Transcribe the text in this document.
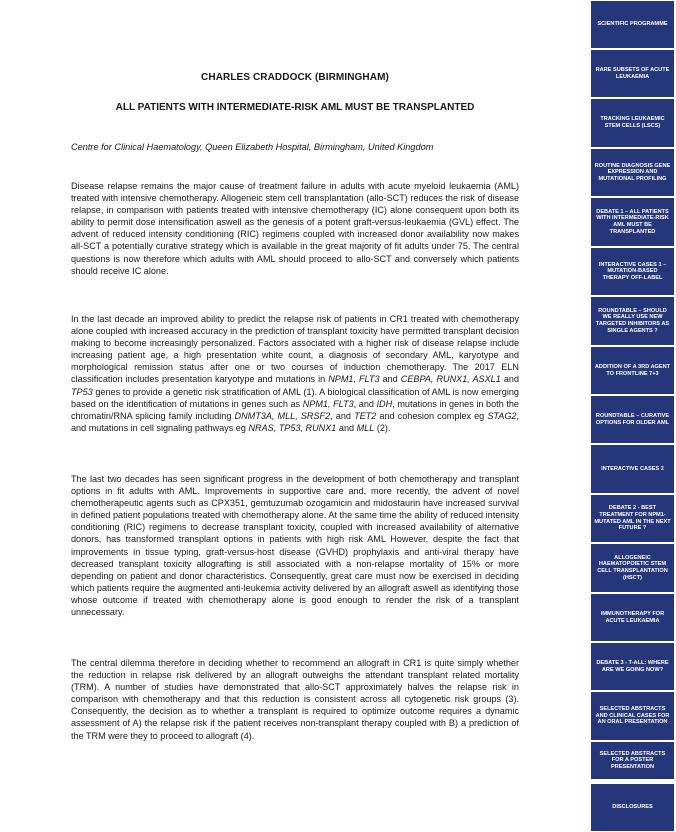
CHARLES CRADDOCK (BIRMINGHAM)
ALL PATIENTS WITH INTERMEDIATE-RISK AML MUST BE TRANSPLANTED
Centre for Clinical Haematology, Queen Elizabeth Hospital, Birmingham, United Kingdom

Disease relapse remains the major cause of treatment failure in adults with acute myeloid leukaemia (AML) treated with intensive chemotherapy. Allogeneic stem cell transplantation (allo-SCT) reduces the risk of disease relapse, in comparison with patients treated with intensive chemotherapy (IC) alone consequent upon both its ability to permit dose intensification aswell as the genesis of a potent graft-versus-leukaemia (GVL) effect. The advent of reduced intensity conditioning (RIC) regimens coupled with increased donor availability now makes all-SCT a potentially curative strategy which is available in the great majority of fit adults under 75. The central questions is now therefore which adults with AML should proceed to allo-SCT and conversely which patients should receive IC alone.

In the last decade an improved ability to predict the relapse risk of patients in CR1 treated with chemotherapy alone coupled with increased accuracy in the prediction of transplant toxicity have permitted transplant decision making to become increasingly personalized. Factors associated with a higher risk of disease relapse include increasing patient age, a high presentation white count, a diagnosis of secondary AML, karyotype and morphological remission status after one or two courses of induction chemotherapy. The 2017 ELN classification includes presentation karyotype and mutations in NPM1, FLT3 and CEBPA, RUNX1, ASXL1 and TP53 genes to provide a genetic risk stratification of AML (1). A biological classification of AML is now emerging based on the identification of mutations in genes such as NPM1, FLT3, and IDH, mutations in genes in both the chromatin/RNA splicing family including DNMT3A, MLL, SRSF2, and TET2 and cohesion complex eg STAG2, and mutations in cell signaling pathways eg NRAS, TP53, RUNX1 and MLL (2).

The last two decades has seen significant progress in the development of both chemotherapy and transplant options in fit adults with AML. Improvements in supportive care and, more recently, the advent of novel chemotherapeutic agents such as CPX351, gemtuzumab ozogamicin and midostaurin have increased survival in defined patient populations treated with chemotherapy alone. At the same time the ability of reduced intensity conditioning (RIC) regimens to decrease transplant toxicity, coupled with increased availability of alternative donors, has transformed transplant options in patients with high risk AML However, despite the fact that improvements in tissue typing, graft-versus-host disease (GVHD) prophylaxis and anti-viral therapy have decreased transplant toxicity allografting is still associated with a non-relapse mortality of 15% or more depending on patient and donor characteristics. Consequently, great care must now be exercised in deciding which patients require the augmented anti-leukemia activity delivered by an allograft aswell as identifying those whose outcome if treated with chemotherapy alone is good enough to render the risk of a transplant unnecessary.

The central dilemma therefore in deciding whether to recommend an allograft in CR1 is quite simply whether the reduction in relapse risk delivered by an allograft outweighs the attendant transplant related mortality (TRM). A number of studies have demonstrated that allo-SCT approximately halves the relapse risk in comparison with chemotherapy and that this reduction is consistent across all cytogenetic risk groups (3). Consequently, the decision as to whether a transplant is required to optimize outcome requires a dynamic assessment of A) the relapse risk if the patient receives non-transplant therapy coupled with B) a prediction of the TRM were they to proceed to allograft (4).

SCIENTIFIC PROGRAMME
RARE SUBSETS OF ACUTE LEUKAEMIA
TRACKING LEUKAEMIC STEM CELLS (LSCS)
ROUTINE DIAGNOSIS GENE EXPRESSION AND MUTATIONAL PROFILING
DEBATE 1 – ALL PATIENTS WITH INTERMEDIATE-RISK AML MUST BE TRANSPLANTED
INTERACTIVE CASES 1 – MUTATION-BASED THERAPY OFF-LABEL
ROUNDTABLE – SHOULD WE REALLY USE NEW TARGETED INHIBITORS AS SINGLE AGENTS ?
ADDITION OF A 3RD AGENT TO FRONTLINE 7+3
ROUNDTABLE – CURATIVE OPTIONS FOR OLDER AML
INTERACTIVE CASES 2
DEBATE 2 - BEST TREATMENT FOR NPM1-MUTATED AML IN THE NEXT FUTURE ?
ALLOGENEIC HAEMATOPOIETIC STEM CELL TRANSPLANTATION (HSCT)
IMMUNOTHERAPY FOR ACUTE LEUKAEMIA
DEBATE 3 - T-ALL: WHERE ARE WE GOING NOW?
SELECTED ABSTRACTS AND CLINICAL CASES FOR AN ORAL PRESENTATION
SELECTED ABSTRACTS FOR A POSTER PRESENTATION
DISCLOSURES
